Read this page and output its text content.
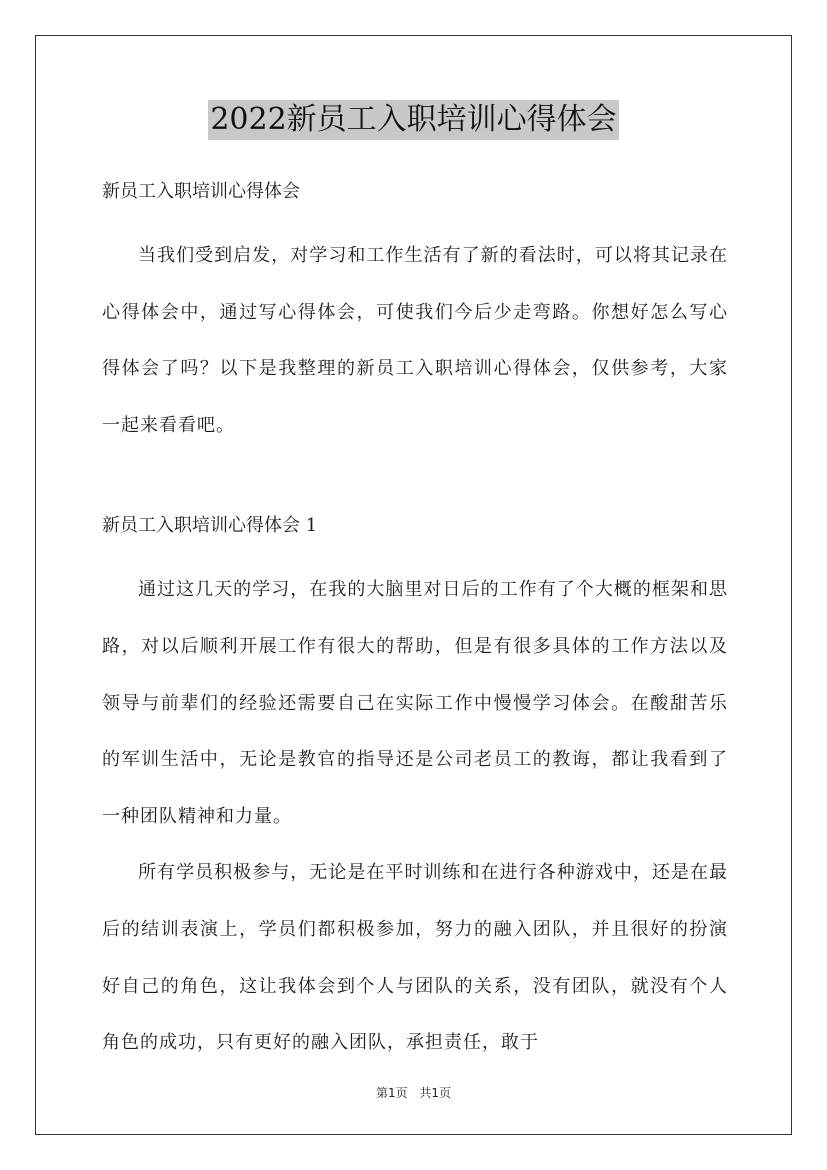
2022新员工入职培训心得体会

新员工入职培训心得体会

当我们受到启发，对学习和工作生活有了新的看法时，可以将其记录在心得体会中，通过写心得体会，可使我们今后少走弯路。你想好怎么写心得体会了吗？以下是我整理的新员工入职培训心得体会，仅供参考，大家一起来看看吧。

新员工入职培训心得体会 1

通过这几天的学习，在我的大脑里对日后的工作有了个大概的框架和思路，对以后顺利开展工作有很大的帮助，但是有很多具体的工作方法以及领导与前辈们的经验还需要自己在实际工作中慢慢学习体会。在酸甜苦乐的军训生活中，无论是教官的指导还是公司老员工的教诲，都让我看到了一种团队精神和力量。

所有学员积极参与，无论是在平时训练和在进行各种游戏中，还是在最后的结训表演上，学员们都积极参加，努力的融入团队，并且很好的扮演好自己的角色，这让我体会到个人与团队的关系，没有团队，就没有个人角色的成功，只有更好的融入团队，承担责任，敢于

第1页 共1页
